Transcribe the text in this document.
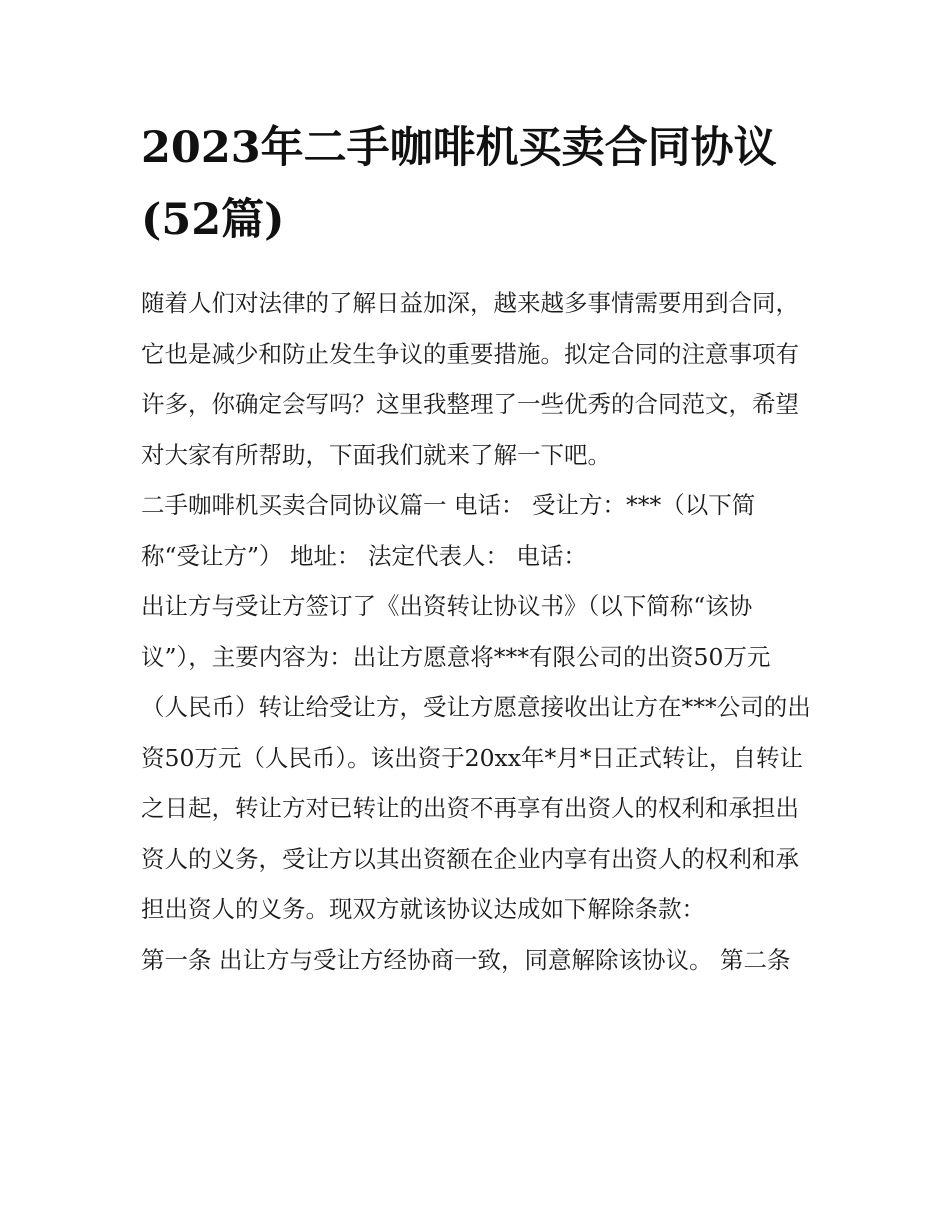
2023年二手咖啡机买卖合同协议(52篇)

随着人们对法律的了解日益加深，越来越多事情需要用到合同，它也是减少和防止发生争议的重要措施。拟定合同的注意事项有许多，你确定会写吗？这里我整理了一些优秀的合同范文，希望对大家有所帮助，下面我们就来了解一下吧。

二手咖啡机买卖合同协议篇一 电话： 受让方：***（以下简称“受让方”） 地址： 法定代表人： 电话：

出让方与受让方签订了《出资转让协议书》（以下简称“该协议”），主要内容为：出让方愿意将***有限公司的出资50万元（人民币）转让给受让方，受让方愿意接收出让方在***公司的出资50万元（人民币）。该出资于20xx年*月*日正式转让，自转让之日起，转让方对已转让的出资不再享有出资人的权利和承担出资人的义务，受让方以其出资额在企业内享有出资人的权利和承担出资人的义务。现双方就该协议达成如下解除条款：

第一条 出让方与受让方经协商一致，同意解除该协议。 第二条
